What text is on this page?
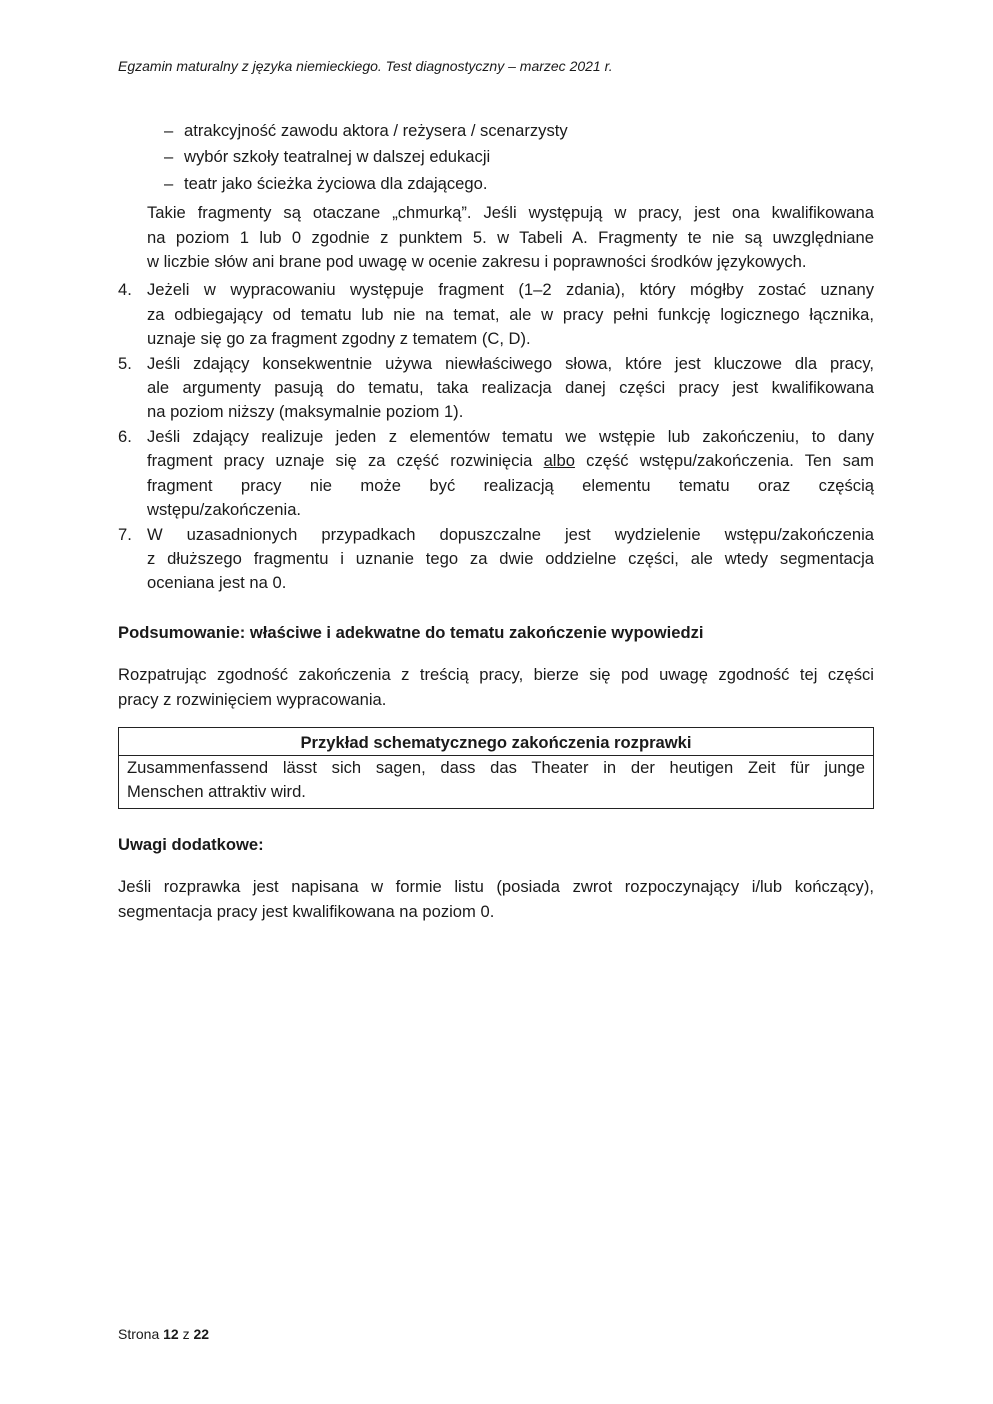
Egzamin maturalny z języka niemieckiego. Test diagnostyczny – marzec 2021 r.
– atrakcyjność zawodu aktora / reżysera / scenarzysty
– wybór szkoły teatralnej w dalszej edukacji
– teatr jako ścieżka życiowa dla zdającego.
Takie fragmenty są otaczane „chmurką”. Jeśli występują w pracy, jest ona kwalifikowana
na poziom 1 lub 0 zgodnie z punktem 5. w Tabeli A. Fragmenty te nie są uwzględniane
w liczbie słów ani brane pod uwagę w ocenie zakresu i poprawności środków językowych.
4. Jeżeli w wypracowaniu występuje fragment (1–2 zdania), który mógłby zostać uznany
za odbiegający od tematu lub nie na temat, ale w pracy pełni funkcję logicznego łącznika,
uznaje się go za fragment zgodny z tematem (C, D).
5. Jeśli zdający konsekwentnie używa niewłaściwego słowa, które jest kluczowe dla pracy,
ale argumenty pasują do tematu, taka realizacja danej części pracy jest kwalifikowana
na poziom niższy (maksymalnie poziom 1).
6. Jeśli zdający realizuje jeden z elementów tematu we wstępie lub zakończeniu, to dany
fragment pracy uznaje się za część rozwinięcia albo część wstępu/zakończenia. Ten sam
fragment pracy nie może być realizacją elementu tematu oraz częścią
wstępu/zakończenia.
7. W uzasadnionych przypadkach dopuszczalne jest wydzielenie wstępu/zakończenia
z dłuższego fragmentu i uznanie tego za dwie oddzielne części, ale wtedy segmentacja
oceniana jest na 0.
Podsumowanie: właściwe i adekwatne do tematu zakończenie wypowiedzi
Rozpatrując zgodność zakończenia z treścią pracy, bierze się pod uwagę zgodność tej części
pracy z rozwinięciem wypracowania.
Przykład schematycznego zakończenia rozprawki
Zusammenfassend lässt sich sagen, dass das Theater in der heutigen Zeit für junge
Menschen attraktiv wird.
Uwagi dodatkowe:
Jeśli rozprawka jest napisana w formie listu (posiada zwrot rozpoczynający i/lub kończący),
segmentacja pracy jest kwalifikowana na poziom 0.
Strona 12 z 22
